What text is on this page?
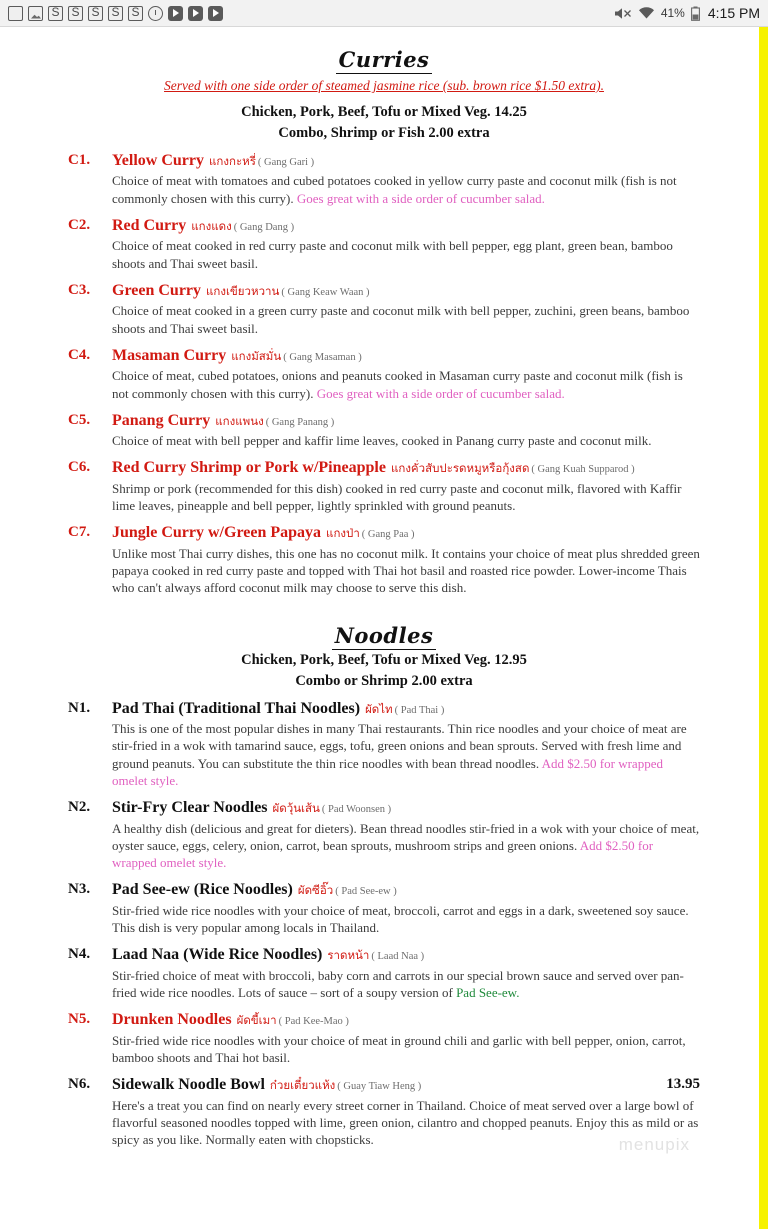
S
S
S
S
S
41% 4:15 PM
Curries
Served with one side order of steamed jasmine rice (sub. brown rice $1.50 extra).
Chicken, Pork, Beef, Tofu or Mixed Veg. 14.25
Combo, Shrimp or Fish 2.00 extra
C1. Yellow Curry แกงกะหรี่ ( Gang Gari )
Choice of meat with tomatoes and cubed potatoes cooked in yellow curry paste and coconut milk (fish is not commonly chosen with this curry). Goes great with a side order of cucumber salad.
C2. Red Curry แกงแดง ( Gang Dang )
Choice of meat cooked in red curry paste and coconut milk with bell pepper, egg plant, green bean, bamboo shoots and Thai sweet basil.
C3. Green Curry แกงเขียวหวาน ( Gang Keaw Waan )
Choice of meat cooked in a green curry paste and coconut milk with bell pepper, zuchini, green beans, bamboo shoots and Thai sweet basil.
C4. Masaman Curry แกงมัสมั่น ( Gang Masaman )
Choice of meat, cubed potatoes, onions and peanuts cooked in Masaman curry paste and coconut milk (fish is not commonly chosen with this curry). Goes great with a side order of cucumber salad.
C5. Panang Curry แกงแพนง ( Gang Panang )
Choice of meat with bell pepper and kaffir lime leaves, cooked in Panang curry paste and coconut milk.
C6. Red Curry Shrimp or Pork w/Pineapple แกงคั่วสับปะรดหมูหรือกุ้งสด ( Gang Kuah Supparod )
Shrimp or pork (recommended for this dish) cooked in red curry paste and coconut milk, flavored with Kaffir lime leaves, pineapple and bell pepper, lightly sprinkled with ground peanuts.
C7. Jungle Curry w/Green Papaya แกงป่า ( Gang Paa )
Unlike most Thai curry dishes, this one has no coconut milk. It contains your choice of meat plus shredded green papaya cooked in red curry paste and topped with Thai hot basil and roasted rice powder. Lower-income Thais who can't always afford coconut milk may choose to serve this dish.
Noodles
Chicken, Pork, Beef, Tofu or Mixed Veg. 12.95
Combo or Shrimp 2.00 extra
N1. Pad Thai (Traditional Thai Noodles) ผัดไท ( Pad Thai )
This is one of the most popular dishes in many Thai restaurants. Thin rice noodles and your choice of meat are stir-fried in a wok with tamarind sauce, eggs, tofu, green onions and bean sprouts. Served with fresh lime and ground peanuts. You can substitute the thin rice noodles with bean thread noodles. Add $2.50 for wrapped omelet style.
N2. Stir-Fry Clear Noodles ผัดวุ้นเส้น ( Pad Woonsen )
A healthy dish (delicious and great for dieters). Bean thread noodles stir-fried in a wok with your choice of meat, oyster sauce, eggs, celery, onion, carrot, bean sprouts, mushroom strips and green onions. Add $2.50 for wrapped omelet style.
N3. Pad See-ew (Rice Noodles) ผัดซีอิ๊ว ( Pad See-ew )
Stir-fried wide rice noodles with your choice of meat, broccoli, carrot and eggs in a dark, sweetened soy sauce. This dish is very popular among locals in Thailand.
N4. Laad Naa (Wide Rice Noodles) ราดหน้า ( Laad Naa )
Stir-fried choice of meat with broccoli, baby corn and carrots in our special brown sauce and served over pan-fried wide rice noodles. Lots of sauce – sort of a soupy version of Pad See-ew.
N5. Drunken Noodles ผัดขี้เมา ( Pad Kee-Mao )
Stir-fried wide rice noodles with your choice of meat in ground chili and garlic with bell pepper, onion, carrot, bamboo shoots and Thai hot basil.
N6.	13.95
Sidewalk Noodle Bowl ก๋วยเตี๋ยวแห้ง ( Guay Tiaw Heng )
Here's a treat you can find on nearly every street corner in Thailand. Choice of meat served over a large bowl of flavorful seasoned noodles topped with lime, green onion, cilantro and chopped peanuts. Enjoy this as mild or as spicy as you like. Normally eaten with chopsticks.	menupix
